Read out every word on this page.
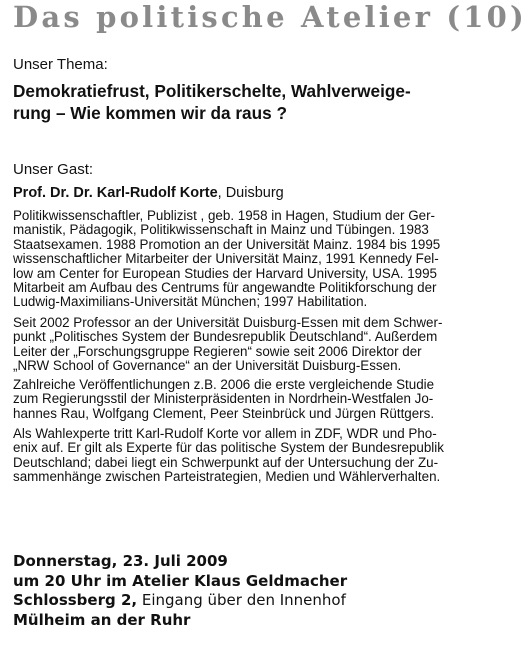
Das politische Atelier (10)
Unser Thema:
Demokratiefrust, Politikerschelte, Wahlverweige-
rung – Wie kommen wir da raus ?
Unser Gast:
Prof. Dr. Dr. Karl-Rudolf Korte, Duisburg
Politikwissenschaftler, Publizist , geb. 1958 in Hagen, Studium der Ger-
manistik, Pädagogik, Politikwissenschaft in Mainz und Tübingen. 1983
Staatsexamen. 1988 Promotion an der Universität Mainz. 1984 bis 1995
wissenschaftlicher Mitarbeiter der Universität Mainz, 1991 Kennedy Fel-
low am Center for European Studies der Harvard University, USA. 1995
Mitarbeit am Aufbau des Centrums für angewandte Politikforschung der
Ludwig-Maximilians-Universität München; 1997 Habilitation.
Seit 2002 Professor an der Universität Duisburg-Essen mit dem Schwer-
punkt „Politisches System der Bundesrepublik Deutschland“. Außerdem
Leiter der „Forschungsgruppe Regieren“ sowie seit 2006 Direktor der
„NRW School of Governance“ an der Universität Duisburg-Essen.
Zahlreiche Veröffentlichungen z.B. 2006 die erste vergleichende Studie
zum Regierungsstil der Ministerpräsidenten in Nordrhein-Westfalen Jo-
hannes Rau, Wolfgang Clement, Peer Steinbrück und Jürgen Rüttgers.
Als Wahlexperte tritt Karl-Rudolf Korte vor allem in ZDF, WDR und Pho-
enix auf. Er gilt als Experte für das politische System der Bundesrepublik
Deutschland; dabei liegt ein Schwerpunkt auf der Untersuchung der Zu-
sammenhänge zwischen Parteistrategien, Medien und Wählerverhalten.
Donnerstag, 23. Juli 2009
um 20 Uhr im Atelier Klaus Geldmacher
Schlossberg 2, Eingang über den Innenhof
Mülheim an der Ruhr
